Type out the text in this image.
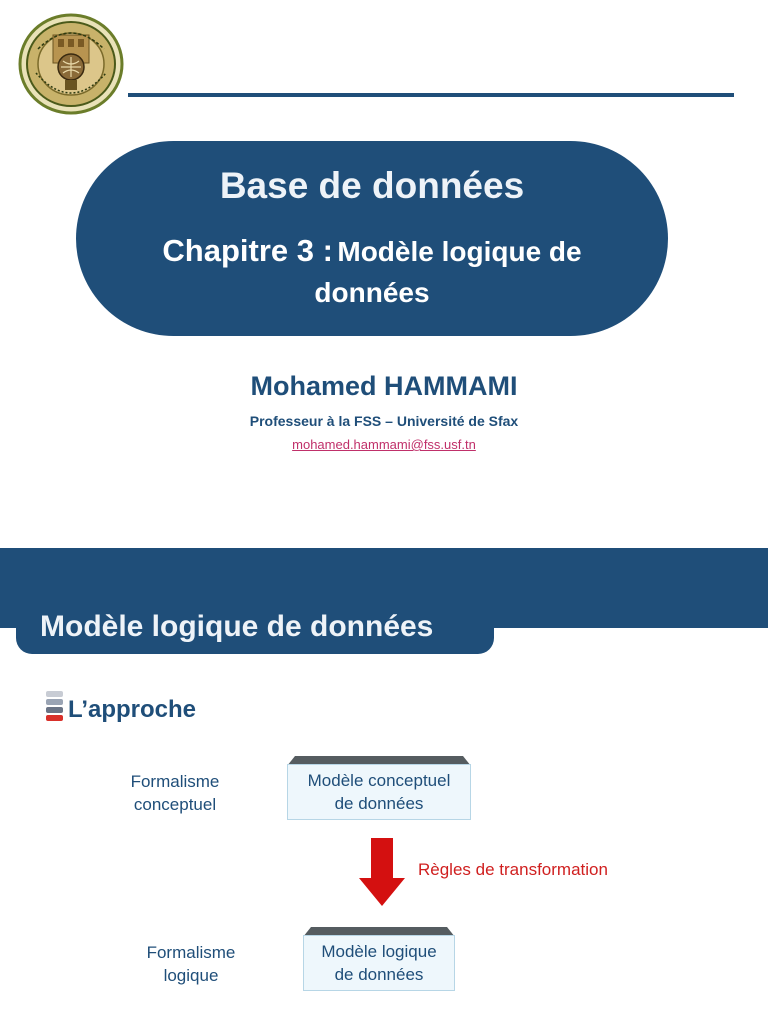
Base de données
Chapitre 3 : Modèle logique de données
Mohamed HAMMAMI
Professeur à la FSS – Université de Sfax
mohamed.hammami@fss.usf.tn
Modèle logique de données
L’approche
Formalisme
conceptuel
Modèle conceptuel
de données
Règles de transformation
Formalisme
logique
Modèle logique
de données
